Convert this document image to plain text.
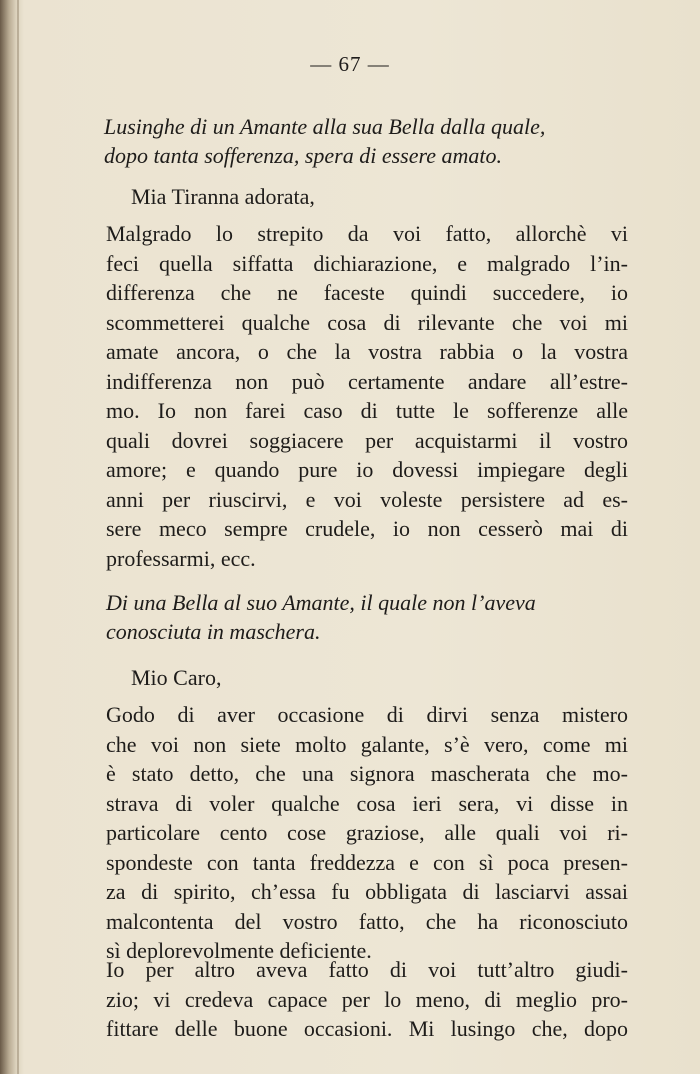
— 67 —
Lusinghe di un Amante alla sua Bella dalla quale,
dopo tanta sofferenza, spera di essere amato.
Mia Tiranna adorata,
Malgrado lo strepito da voi fatto, allorchè vi
feci quella siffatta dichiarazione, e malgrado l’in-
differenza che ne faceste quindi succedere, io
scommetterei qualche cosa di rilevante che voi mi
amate ancora, o che la vostra rabbia o la vostra
indifferenza non può certamente andare all’estre-
mo. Io non farei caso di tutte le sofferenze alle
quali dovrei soggiacere per acquistarmi il vostro
amore; e quando pure io dovessi impiegare degli
anni per riuscirvi, e voi voleste persistere ad es-
sere meco sempre crudele, io non cesserò mai di
professarmi, ecc.
Di una Bella al suo Amante, il quale non l’aveva
conosciuta in maschera.
Mio Caro,
Godo di aver occasione di dirvi senza mistero
che voi non siete molto galante, s’è vero, come mi
è stato detto, che una signora mascherata che mo-
strava di voler qualche cosa ieri sera, vi disse in
particolare cento cose graziose, alle quali voi ri-
spondeste con tanta freddezza e con sì poca presen-
za di spirito, ch’essa fu obbligata di lasciarvi assai
malcontenta del vostro fatto, che ha riconosciuto
sì deplorevolmente deficiente.
Io per altro aveva fatto di voi tutt’altro giudi-
zio; vi credeva capace per lo meno, di meglio pro-
fittare delle buone occasioni. Mi lusingo che, dopo
